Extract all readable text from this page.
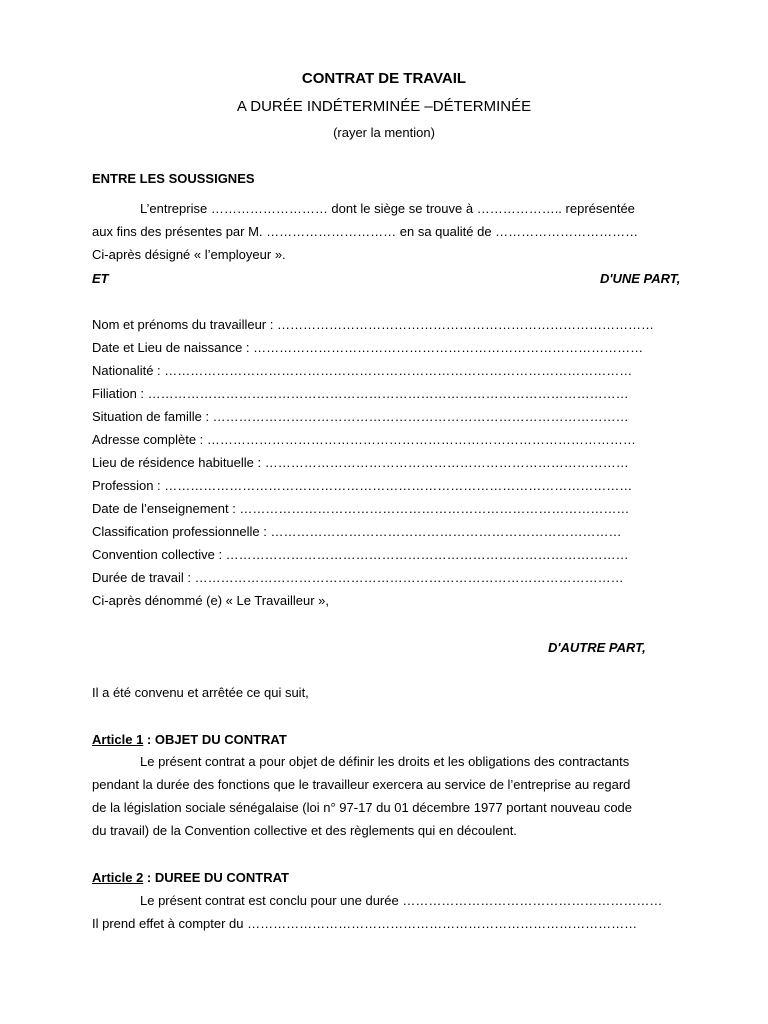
CONTRAT DE TRAVAIL
A DURÉE INDÉTERMINÉE –DÉTERMINÉE
(rayer la mention)
ENTRE LES SOUSSIGNES
L’entreprise ……………………… dont le siège se trouve à ……………….. représentée
aux fins des présentes par M. ………………………… en sa qualité de ……………………………
Ci-après désigné « l’employeur ».
ET	D'UNE PART,
Nom et prénoms du travailleur : ……………………………………………………………………………
Date et Lieu de naissance : ………………………………………………………………………………
Nationalité : ………………………………………………………………………………………………
Filiation : …………………………………………………………………………………………………
Situation de famille : ……………………………………………………………………………………
Adresse complète : ………………………………………………………………………………………
Lieu de résidence habituelle : …………………………………………………………………………
Profession : ………………………………………………………………………………………………
Date de l’enseignement : ………………………………………………………………………………
Classification professionnelle : ………………………………………………………………………
Convention collective : …………………………………………………………………………………
Durée de travail : ………………………………………………………………………………………
Ci-après dénommé (e) « Le Travailleur »,
D'AUTRE PART,
Il a été convenu et arrêtée ce qui suit,
Article 1 : OBJET DU CONTRAT
Le présent contrat a pour objet de définir les droits et les obligations des contractants
pendant la durée des fonctions que le travailleur exercera au service de l’entreprise au regard
de la législation sociale sénégalaise (loi n° 97-17 du 01 décembre 1977 portant nouveau code
du travail) de la Convention collective et des règlements qui en découlent.
Article 2 : DUREE DU CONTRAT
Le présent contrat est conclu pour une durée ……………………………………………………
Il prend effet à compter du ………………………………………………………………………………
